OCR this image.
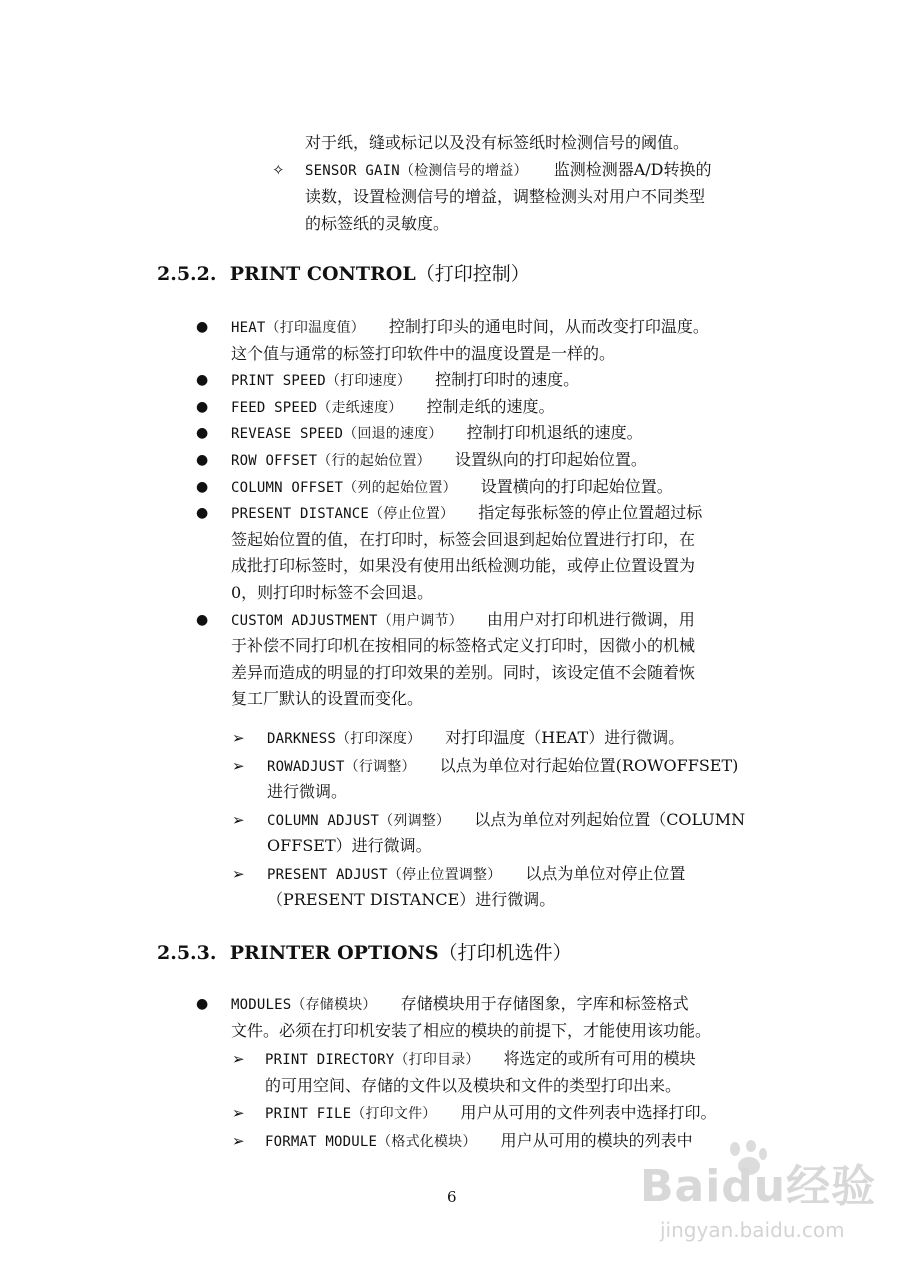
对于纸，缝或标记以及没有标签纸时检测信号的阈值。
✧ SENSOR GAIN（检测信号的增益） 监测检测器A/D转换的
读数，设置检测信号的增益，调整检测头对用户不同类型
的标签纸的灵敏度。
2.5.2. PRINT CONTROL（打印控制）
● HEAT（打印温度值） 控制打印头的通电时间，从而改变打印温度。
这个值与通常的标签打印软件中的温度设置是一样的。
● PRINT SPEED（打印速度） 控制打印时的速度。
● FEED SPEED（走纸速度） 控制走纸的速度。
● REVEASE SPEED（回退的速度） 控制打印机退纸的速度。
● ROW OFFSET（行的起始位置） 设置纵向的打印起始位置。
● COLUMN OFFSET（列的起始位置） 设置横向的打印起始位置。
● PRESENT DISTANCE（停止位置） 指定每张标签的停止位置超过标
签起始位置的值，在打印时，标签会回退到起始位置进行打印，在
成批打印标签时，如果没有使用出纸检测功能，或停止位置设置为
0，则打印时标签不会回退。
● CUSTOM ADJUSTMENT（用户调节） 由用户对打印机进行微调，用
于补偿不同打印机在按相同的标签格式定义打印时，因微小的机械
差异而造成的明显的打印效果的差别。同时，该设定值不会随着恢
复工厂默认的设置而变化。
➢ DARKNESS（打印深度） 对打印温度（HEAT）进行微调。
➢ ROWADJUST（行调整） 以点为单位对行起始位置(ROWOFFSET)
进行微调。
➢ COLUMN ADJUST（列调整） 以点为单位对列起始位置（COLUMN
OFFSET）进行微调。
➢ PRESENT ADJUST（停止位置调整） 以点为单位对停止位置
（PRESENT DISTANCE）进行微调。
2.5.3. PRINTER OPTIONS（打印机选件）
● MODULES（存储模块） 存储模块用于存储图象，字库和标签格式
文件。必须在打印机安装了相应的模块的前提下，才能使用该功能。
➢ PRINT DIRECTORY（打印目录） 将选定的或所有可用的模块
的可用空间、存储的文件以及模块和文件的类型打印出来。
➢ PRINT FILE（打印文件） 用户从可用的文件列表中选择打印。
➢ FORMAT MODULE（格式化模块） 用户从可用的模块的列表中
6	Baidu经验
jingyan.baidu.com
